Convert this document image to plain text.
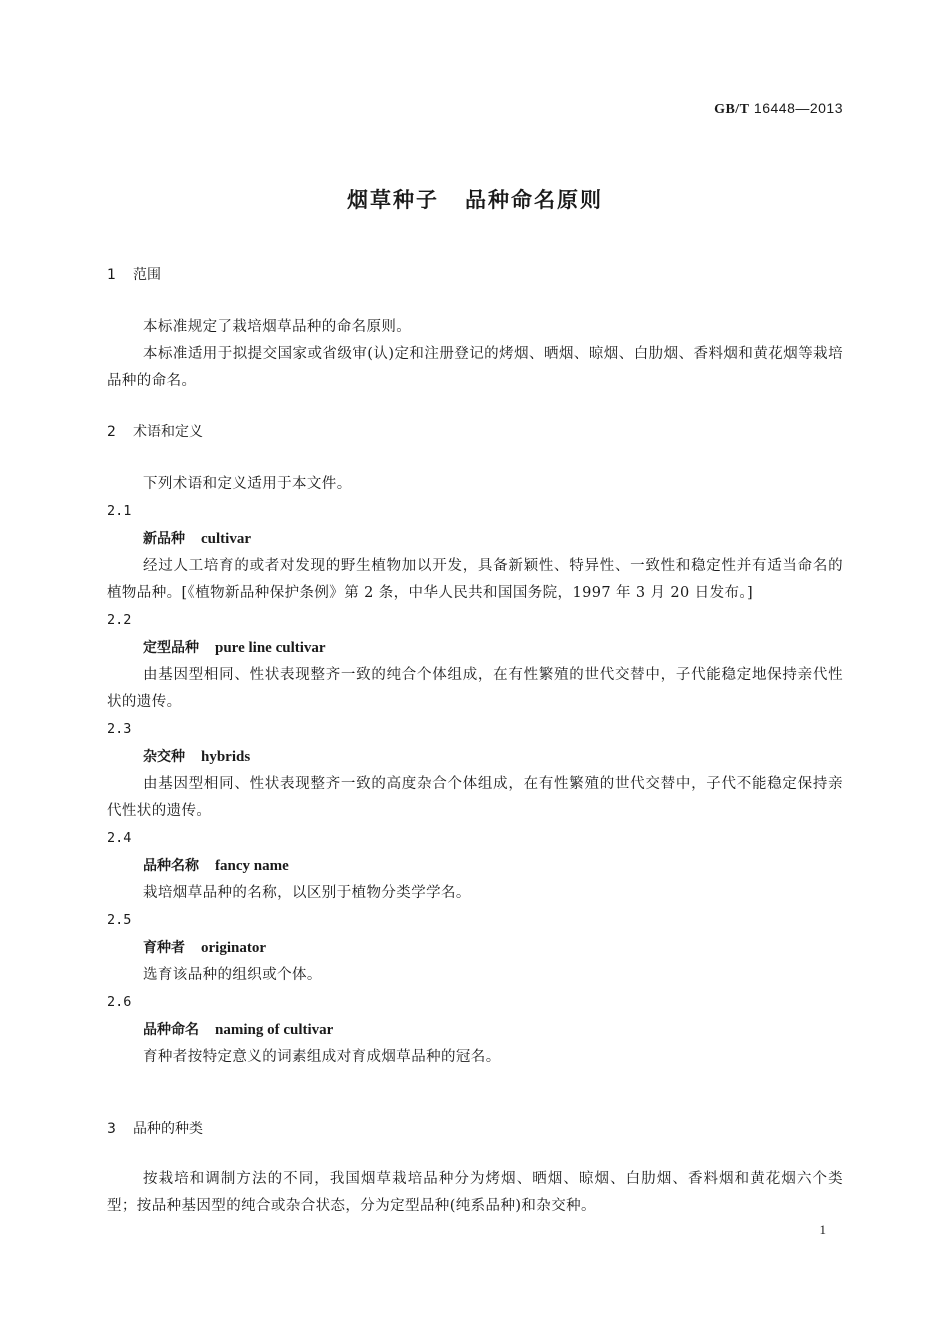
GB/T 16448—2013
烟草种子 品种命名原则
1 范围
本标准规定了栽培烟草品种的命名原则。
本标准适用于拟提交国家或省级审(认)定和注册登记的烤烟、晒烟、晾烟、白肋烟、香料烟和黄花烟等栽培品种的命名。
2 术语和定义
下列术语和定义适用于本文件。
2.1
新品种 cultivar
经过人工培育的或者对发现的野生植物加以开发，具备新颖性、特异性、一致性和稳定性并有适当命名的植物品种。[《植物新品种保护条例》第 2 条，中华人民共和国国务院，1997 年 3 月 20 日发布。]
2.2
定型品种 pure line cultivar
由基因型相同、性状表现整齐一致的纯合个体组成，在有性繁殖的世代交替中，子代能稳定地保持亲代性状的遗传。
2.3
杂交种 hybrids
由基因型相同、性状表现整齐一致的高度杂合个体组成，在有性繁殖的世代交替中，子代不能稳定保持亲代性状的遗传。
2.4
品种名称 fancy name
栽培烟草品种的名称，以区别于植物分类学学名。
2.5
育种者 originator
选育该品种的组织或个体。
2.6
品种命名 naming of cultivar
育种者按特定意义的词素组成对育成烟草品种的冠名。
3 品种的种类
按栽培和调制方法的不同，我国烟草栽培品种分为烤烟、晒烟、晾烟、白肋烟、香料烟和黄花烟六个类型；按品种基因型的纯合或杂合状态，分为定型品种(纯系品种)和杂交种。
1
